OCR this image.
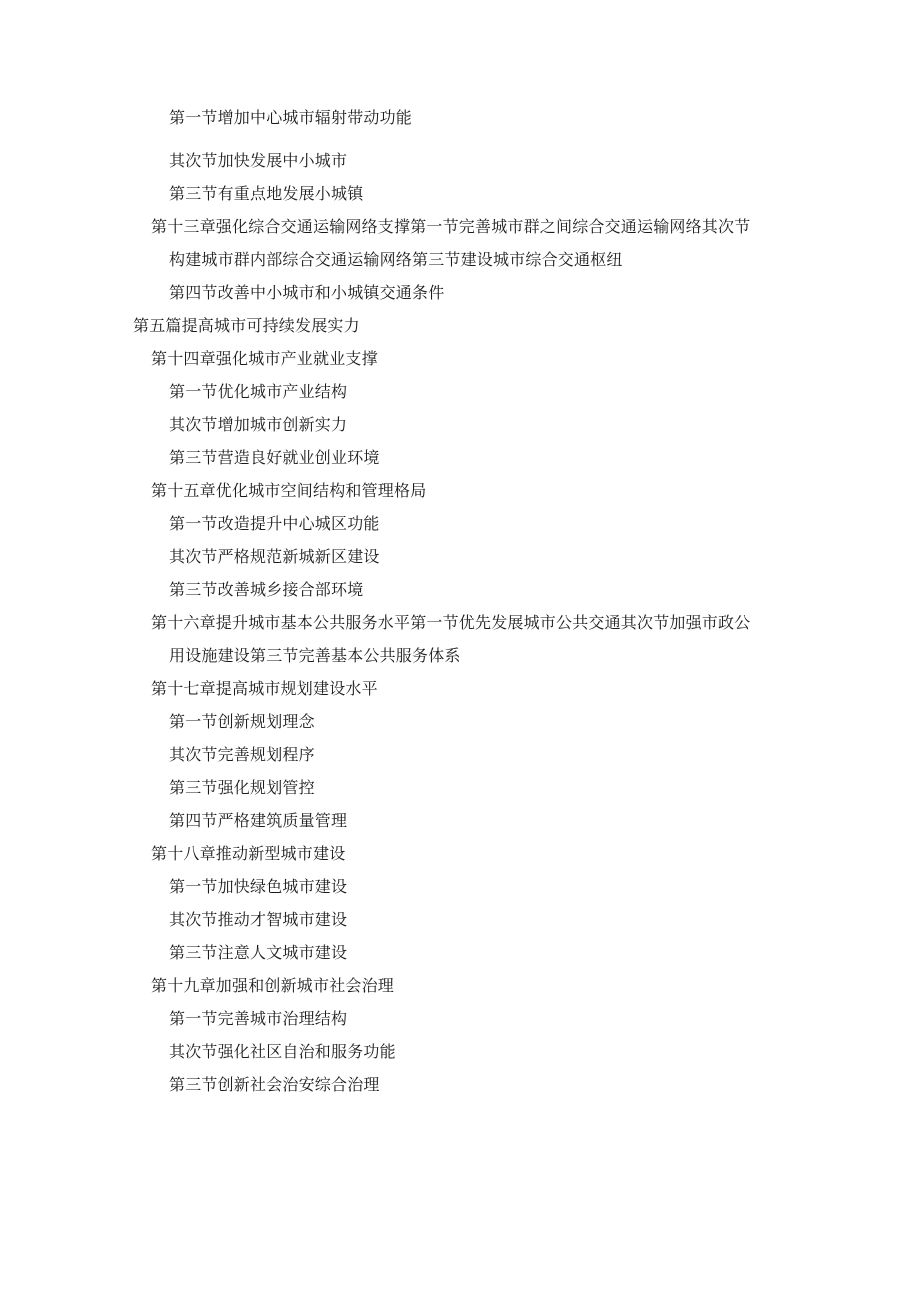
第一节增加中心城市辐射带动功能
其次节加快发展中小城市
第三节有重点地发展小城镇
第十三章强化综合交通运输网络支撑第一节完善城市群之间综合交通运输网络其次节
构建城市群内部综合交通运输网络第三节建设城市综合交通枢纽
第四节改善中小城市和小城镇交通条件
第五篇提高城市可持续发展实力
第十四章强化城市产业就业支撑
第一节优化城市产业结构
其次节增加城市创新实力
第三节营造良好就业创业环境
第十五章优化城市空间结构和管理格局
第一节改造提升中心城区功能
其次节严格规范新城新区建设
第三节改善城乡接合部环境
第十六章提升城市基本公共服务水平第一节优先发展城市公共交通其次节加强市政公
用设施建设第三节完善基本公共服务体系
第十七章提高城市规划建设水平
第一节创新规划理念
其次节完善规划程序
第三节强化规划管控
第四节严格建筑质量管理
第十八章推动新型城市建设
第一节加快绿色城市建设
其次节推动才智城市建设
第三节注意人文城市建设
第十九章加强和创新城市社会治理
第一节完善城市治理结构
其次节强化社区自治和服务功能
第三节创新社会治安综合治理
